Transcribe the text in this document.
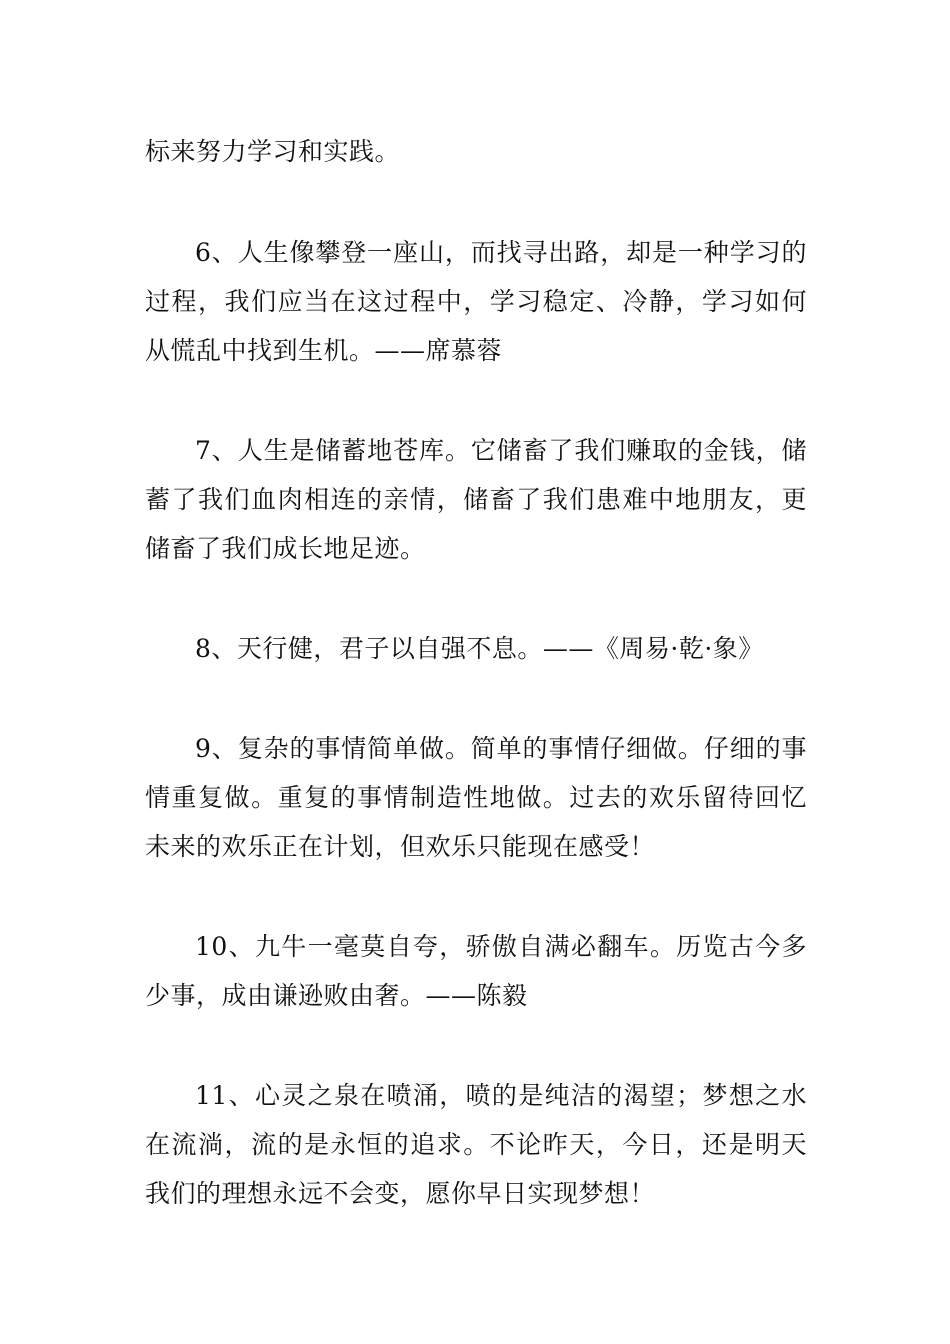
标来努力学习和实践。

6、人生像攀登一座山，而找寻出路，却是一种学习的过程，我们应当在这过程中，学习稳定、冷静，学习如何从慌乱中找到生机。——席慕蓉

7、人生是储蓄地苍库。它储畜了我们赚取的金钱，储蓄了我们血肉相连的亲情，储畜了我们患难中地朋友，更储畜了我们成长地足迹。

8、天行健，君子以自强不息。——《周易·乾·象》

9、复杂的事情简单做。简单的事情仔细做。仔细的事情重复做。重复的事情制造性地做。过去的欢乐留待回忆未来的欢乐正在计划，但欢乐只能现在感受！

10、九牛一毫莫自夸，骄傲自满必翻车。历览古今多少事，成由谦逊败由奢。——陈毅

11、心灵之泉在喷涌，喷的是纯洁的渴望；梦想之水在流淌，流的是永恒的追求。不论昨天，今日，还是明天我们的理想永远不会变，愿你早日实现梦想！
